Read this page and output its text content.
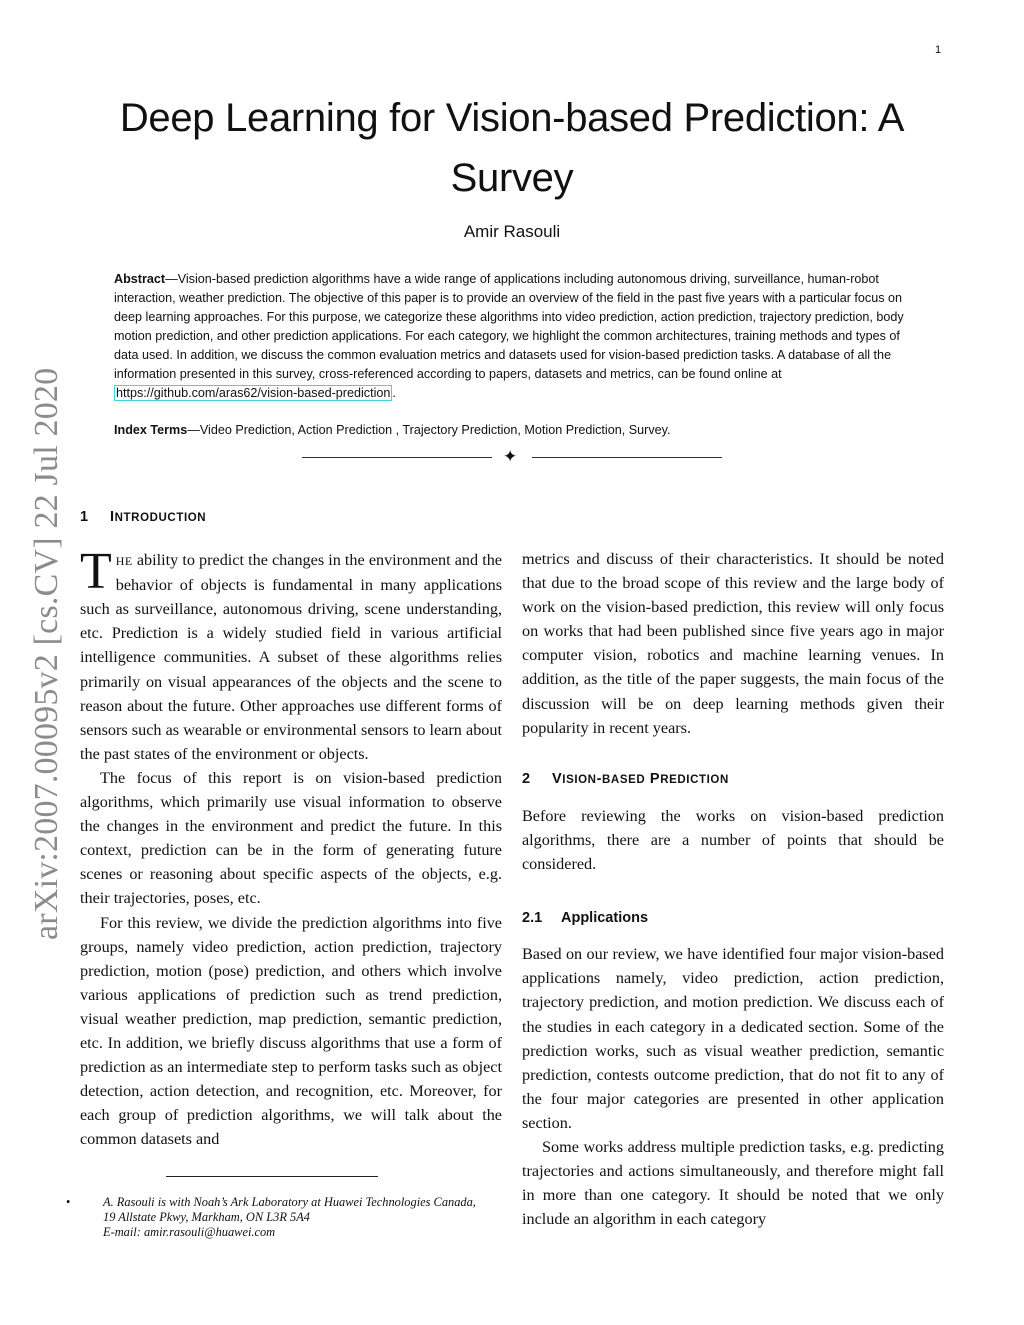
1
arXiv:2007.00095v2 [cs.CV] 22 Jul 2020
Deep Learning for Vision-based Prediction: A
Survey
Amir Rasouli

Abstract—Vision-based prediction algorithms have a wide range of applications including autonomous driving, surveillance, human-robot interaction, weather prediction. The objective of this paper is to provide an overview of the field in the past five years with a particular focus on deep learning approaches. For this purpose, we categorize these algorithms into video prediction, action prediction, trajectory prediction, body motion prediction, and other prediction applications. For each category, we highlight the common architectures, training methods and types of data used. In addition, we discuss the common evaluation metrics and datasets used for vision-based prediction tasks. A database of all the information presented in this survey, cross-referenced according to papers, datasets and metrics, can be found online at https://github.com/aras62/vision-based-prediction .

Index Terms—Video Prediction, Action Prediction , Trajectory Prediction, Motion Prediction, Survey.

✦
1 INTRODUCTION

THE ability to predict the changes in the environment and the behavior of objects is fundamental in many applications such as surveillance, autonomous driving, scene understanding, etc. Prediction is a widely studied field in various artificial intelligence communities. A subset of these algorithms relies primarily on visual appearances of the objects and the scene to reason about the future. Other approaches use different forms of sensors such as wearable or environmental sensors to learn about the past states of the environment or objects.

The focus of this report is on vision-based prediction algorithms, which primarily use visual information to observe the changes in the environment and predict the future. In this context, prediction can be in the form of generating future scenes or reasoning about specific aspects of the objects, e.g. their trajectories, poses, etc.

For this review, we divide the prediction algorithms into five groups, namely video prediction, action prediction, trajectory prediction, motion (pose) prediction, and others which involve various applications of prediction such as trend prediction, visual weather prediction, map prediction, semantic prediction, etc. In addition, we briefly discuss algorithms that use a form of prediction as an intermediate step to perform tasks such as object detection, action detection, and recognition, etc. Moreover, for each group of prediction algorithms, we will talk about the common datasets and

metrics and discuss of their characteristics. It should be noted that due to the broad scope of this review and the large body of work on the vision-based prediction, this review will only focus on works that had been published since five years ago in major computer vision, robotics and machine learning venues. In addition, as the title of the paper suggests, the main focus of the discussion will be on deep learning methods given their popularity in recent years.

2 VISION-BASED PREDICTION

Before reviewing the works on vision-based prediction algorithms, there are a number of points that should be considered.

2.1 Applications

Based on our review, we have identified four major vision-based applications namely, video prediction, action prediction, trajectory prediction, and motion prediction. We discuss each of the studies in each category in a dedicated section. Some of the prediction works, such as visual weather prediction, semantic prediction, contests outcome prediction, that do not fit to any of the four major categories are presented in other application section.

Some works address multiple prediction tasks, e.g. predicting trajectories and actions simultaneously, and therefore might fall in more than one category. It should be noted that we only include an algorithm in each category

•	A. Rasouli is with Noah’s Ark Laboratory at Huawei Technologies Canada,
19 Allstate Pkwy, Markham, ON L3R 5A4
E-mail: amir.rasouli@huawei.com
